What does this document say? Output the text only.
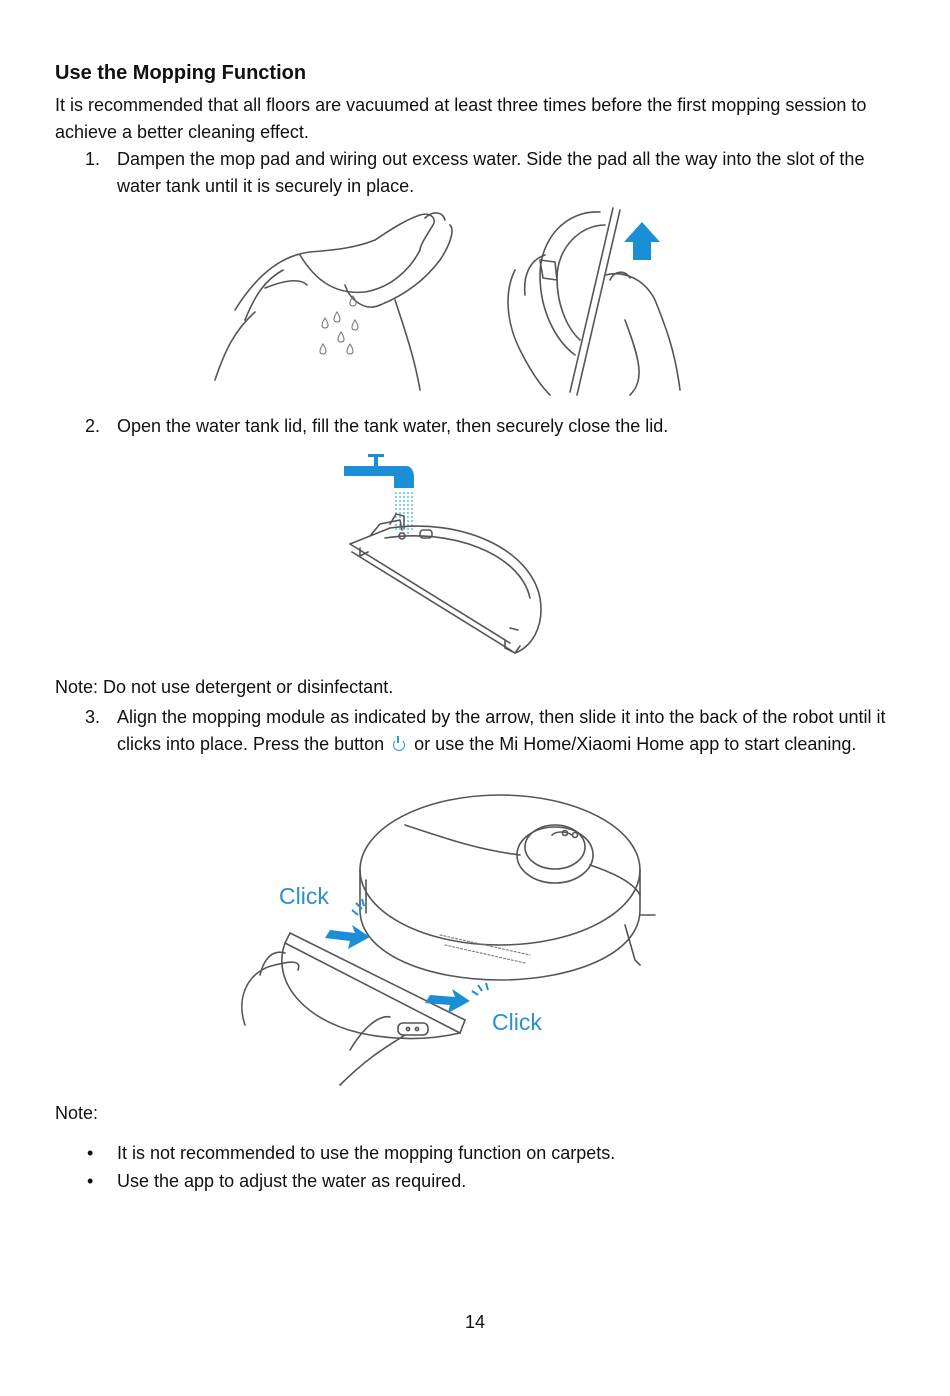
Use the Mopping Function
It is recommended that all floors are vacuumed at least three times before the first mopping session to achieve a better cleaning effect.
1. Dampen the mop pad and wiring out excess water. Side the pad all the way into the slot of the water tank until it is securely in place.
2. Open the water tank lid, fill the tank water, then securely close the lid.
Note: Do not use detergent or disinfectant.
3. Align the mopping module as indicated by the arrow, then slide it into the back of the robot until it clicks into place. Press the button or use the Mi Home/Xiaomi Home app to start cleaning.
Click
Click
Note:
• It is not recommended to use the mopping function on carpets.
• Use the app to adjust the water as required.
14
